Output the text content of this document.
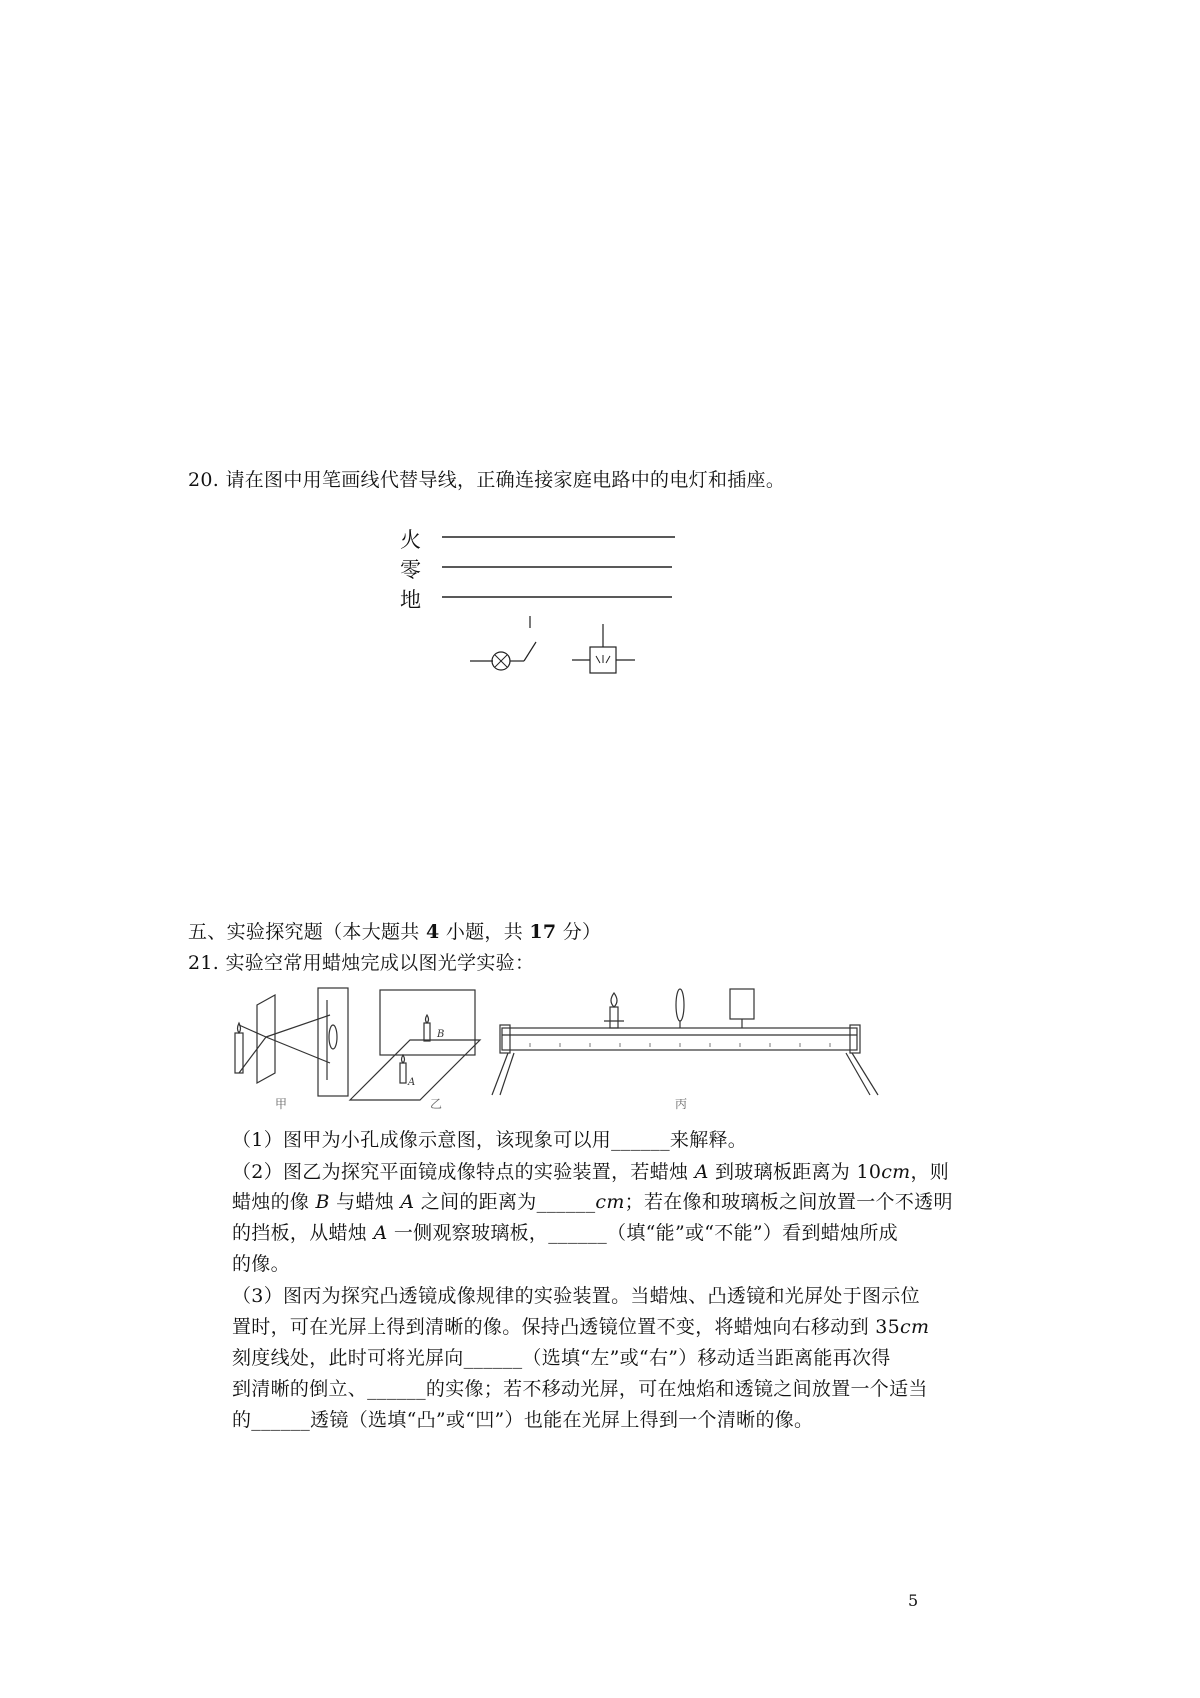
20. 请在图中用笔画线代替导线，正确连接家庭电路中的电灯和插座。
火
零
地
五、实验探究题（本大题共 4 小题，共 17 分）
21. 实验空常用蜡烛完成以图光学实验：
B
A
甲	乙	丙
（1）图甲为小孔成像示意图，该现象可以用______来解释。
（2）图乙为探究平面镜成像特点的实验装置，若蜡烛 A 到玻璃板距离为 10cm，则
蜡烛的像 B 与蜡烛 A 之间的距离为______cm；若在像和玻璃板之间放置一个不透明
的挡板，从蜡烛 A 一侧观察玻璃板，______（填“能”或“不能”）看到蜡烛所成
的像。
（3）图丙为探究凸透镜成像规律的实验装置。当蜡烛、凸透镜和光屏处于图示位
置时，可在光屏上得到清晰的像。保持凸透镜位置不变，将蜡烛向右移动到 35cm
刻度线处，此时可将光屏向______（选填“左”或“右”）移动适当距离能再次得
到清晰的倒立、______的实像；若不移动光屏，可在烛焰和透镜之间放置一个适当
的______透镜（选填“凸”或“凹”）也能在光屏上得到一个清晰的像。
5
